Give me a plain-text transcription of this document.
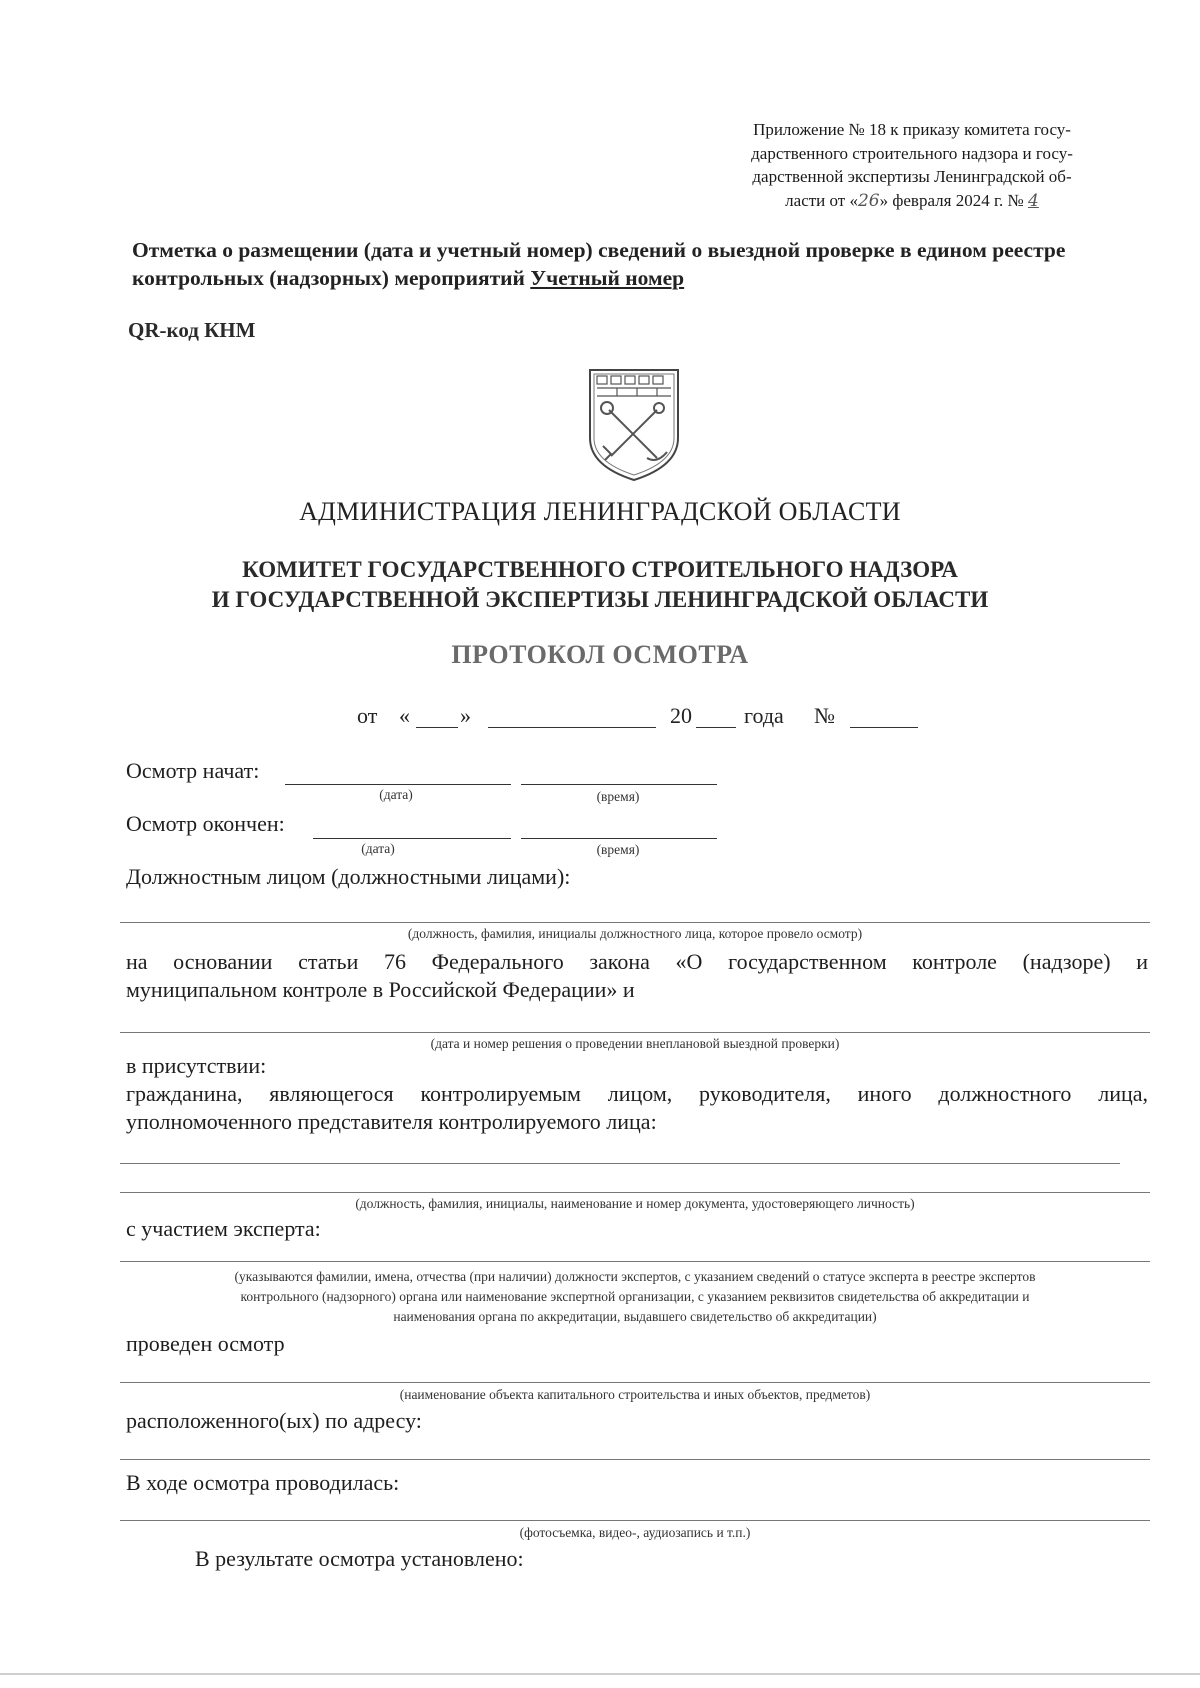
Приложение № 18 к приказу комитета госу-
дарственного строительного надзора и госу-
дарственной экспертизы Ленинградской об-
ласти от «26» февраля 2024 г. № 4
Отметка о размещении (дата и учетный номер) сведений о выездной проверке в едином реестре контрольных (надзорных) мероприятий Учетный номер
QR-код КНМ
АДМИНИСТРАЦИЯ ЛЕНИНГРАДСКОЙ ОБЛАСТИ
КОМИТЕТ ГОСУДАРСТВЕННОГО СТРОИТЕЛЬНОГО НАДЗОРА
И ГОСУДАРСТВЕННОЙ ЭКСПЕРТИЗЫ ЛЕНИНГРАДСКОЙ ОБЛАСТИ
ПРОТОКОЛ ОСМОТРА
от « »	20 года №
Осмотр начат:
(дата)	(время)
Осмотр окончен:
(дата)	(время)
Должностным лицом (должностными лицами):
(должность, фамилия, инициалы должностного лица, которое провело осмотр)
на основании статьи 76 Федерального закона «О государственном контроле (надзоре) и
муниципальном контроле в Российской Федерации» и
(дата и номер решения о проведении внеплановой выездной проверки)
в присутствии:
гражданина, являющегося контролируемым лицом, руководителя, иного должностного лица,
уполномоченного представителя контролируемого лица:
(должность, фамилия, инициалы, наименование и номер документа, удостоверяющего личность)
с участием эксперта:
(указываются фамилии, имена, отчества (при наличии) должности экспертов, с указанием сведений о статусе эксперта в реестре экспертов
контрольного (надзорного) органа или наименование экспертной организации, с указанием реквизитов свидетельства об аккредитации и
наименования органа по аккредитации, выдавшего свидетельство об аккредитации)
проведен осмотр
(наименование объекта капитального строительства и иных объектов, предметов)
расположенного(ых) по адресу:
В ходе осмотра проводилась:
(фотосъемка, видео-, аудиозапись и т.п.)
В результате осмотра установлено:
